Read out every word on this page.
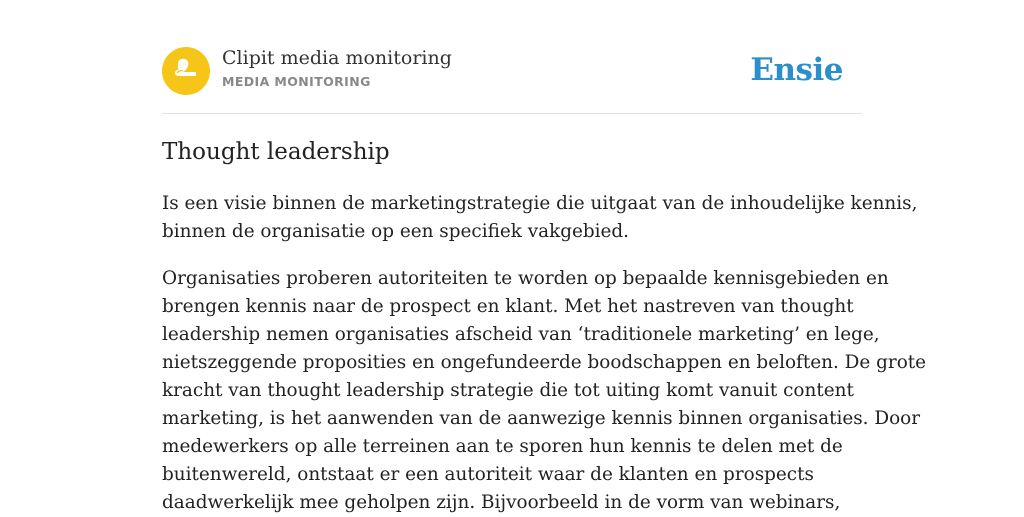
Clipit media monitoring
MEDIA MONITORING	Ensie
Thought leadership

Is een visie binnen de marketingstrategie die uitgaat van de inhoudelijke kennis,
binnen de organisatie op een specifiek vakgebied.

Organisaties proberen autoriteiten te worden op bepaalde kennisgebieden en
brengen kennis naar de prospect en klant. Met het nastreven van thought
leadership nemen organisaties afscheid van ‘traditionele marketing’ en lege,
nietszeggende proposities en ongefundeerde boodschappen en beloften. De grote
kracht van thought leadership strategie die tot uiting komt vanuit content
marketing, is het aanwenden van de aanwezige kennis binnen organisaties. Door
medewerkers op alle terreinen aan te sporen hun kennis te delen met de
buitenwereld, ontstaat er een autoriteit waar de klanten en prospects
daadwerkelijk mee geholpen zijn. Bijvoorbeeld in de vorm van webinars,
